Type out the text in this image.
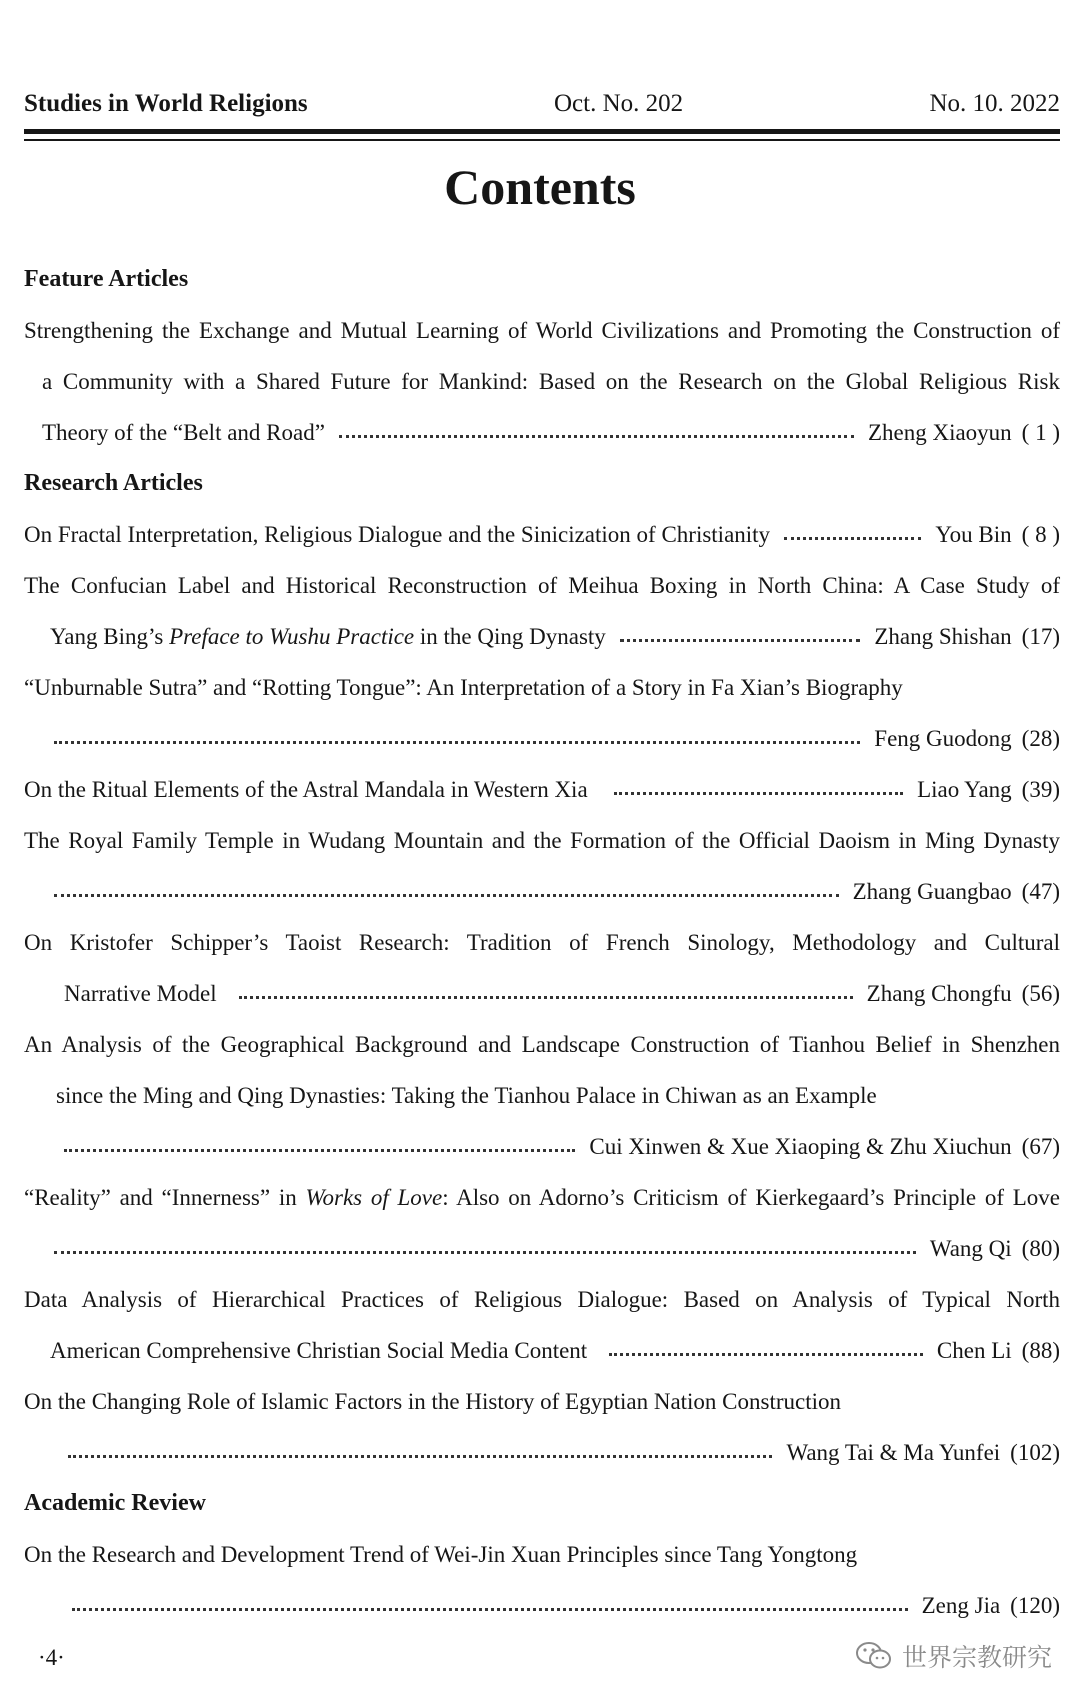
Studies in World Religions	Oct. No. 202	No. 10. 2022
Contents
Feature Articles
Strengthening the Exchange and Mutual Learning of World Civilizations and Promoting the Construction of
a Community with a Shared Future for Mankind: Based on the Research on the Global Religious Risk
Theory of the “Belt and Road”	Zheng Xiaoyun ( 1 )
Research Articles
On Fractal Interpretation, Religious Dialogue and the Sinicization of Christianity	You Bin ( 8 )
The Confucian Label and Historical Reconstruction of Meihua Boxing in North China: A Case Study of
Yang Bing’s Preface to Wushu Practice in the Qing Dynasty	Zhang Shishan (17)
“Unburnable Sutra” and “Rotting Tongue”: An Interpretation of a Story in Fa Xian’s Biography
Feng Guodong (28)
On the Ritual Elements of the Astral Mandala in Western Xia	Liao Yang (39)
The Royal Family Temple in Wudang Mountain and the Formation of the Official Daoism in Ming Dynasty
Zhang Guangbao (47)
On Kristofer Schipper’s Taoist Research: Tradition of French Sinology, Methodology and Cultural
Narrative Model	Zhang Chongfu (56)
An Analysis of the Geographical Background and Landscape Construction of Tianhou Belief in Shenzhen
since the Ming and Qing Dynasties: Taking the Tianhou Palace in Chiwan as an Example
Cui Xinwen & Xue Xiaoping & Zhu Xiuchun (67)
“Reality” and “Innerness” in Works of Love: Also on Adorno’s Criticism of Kierkegaard’s Principle of Love
Wang Qi (80)
Data Analysis of Hierarchical Practices of Religious Dialogue: Based on Analysis of Typical North
American Comprehensive Christian Social Media Content	Chen Li (88)
On the Changing Role of Islamic Factors in the History of Egyptian Nation Construction
Wang Tai & Ma Yunfei (102)
Academic Review
On the Research and Development Trend of Wei-Jin Xuan Principles since Tang Yongtong
Zeng Jia (120)
·4·	世界宗教研究
